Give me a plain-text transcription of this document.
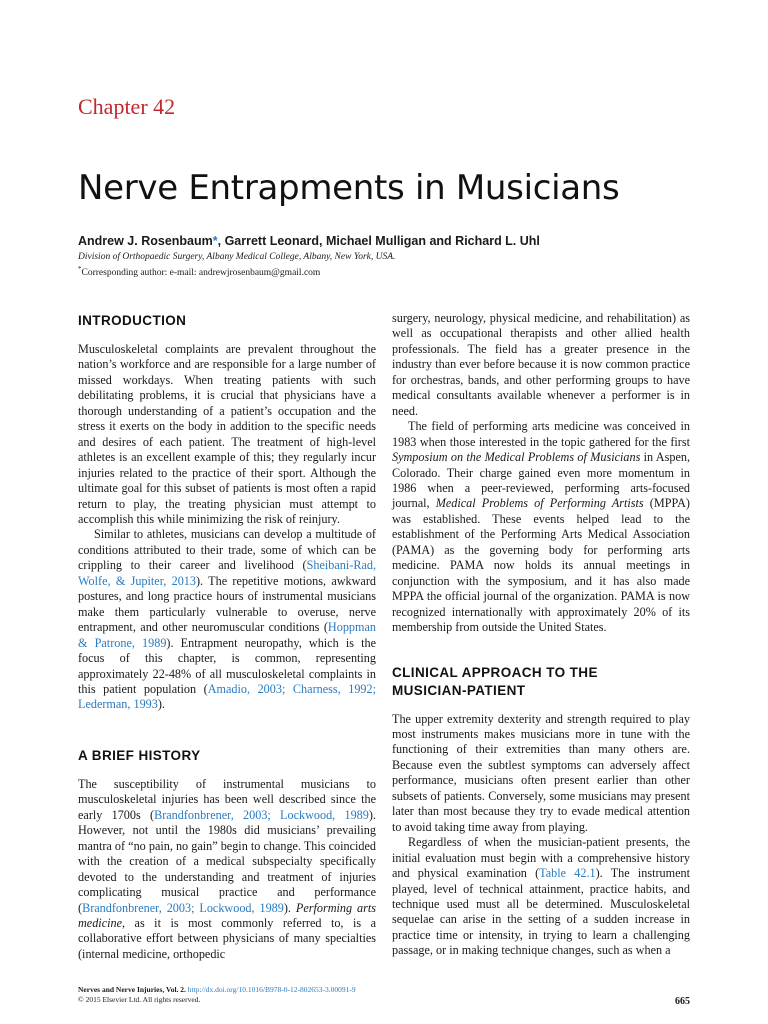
Chapter 42
Nerve Entrapments in Musicians
Andrew J. Rosenbaum*, Garrett Leonard, Michael Mulligan and Richard L. Uhl
Division of Orthopaedic Surgery, Albany Medical College, Albany, New York, USA.
*Corresponding author: e-mail: andrewjrosenbaum@gmail.com
INTRODUCTION

Musculoskeletal complaints are prevalent throughout the nation’s workforce and are responsible for a large number of missed workdays. When treating patients with such debilitating problems, it is crucial that physicians have a thorough understanding of a patient’s occupation and the stress it exerts on the body in addition to the specific needs and desires of each patient. The treatment of high-level athletes is an excellent example of this; they regularly incur injuries related to the practice of their sport. Although the ultimate goal for this subset of patients is most often a rapid return to play, the treating physician must attempt to accomplish this while minimizing the risk of reinjury.

Similar to athletes, musicians can develop a multitude of conditions attributed to their trade, some of which can be crippling to their career and livelihood (Sheibani-Rad, Wolfe, & Jupiter, 2013). The repetitive motions, awkward postures, and long practice hours of instrumental musicians make them particularly vulnerable to overuse, nerve entrapment, and other neuromuscular conditions (Hoppman & Patrone, 1989). Entrapment neuropathy, which is the focus of this chapter, is common, representing approximately 22-48% of all musculoskeletal complaints in this patient population (Amadio, 2003; Charness, 1992; Lederman, 1993).

A BRIEF HISTORY

The susceptibility of instrumental musicians to musculoskeletal injuries has been well described since the early 1700s (Brandfonbrener, 2003; Lockwood, 1989). However, not until the 1980s did musicians’ prevailing mantra of “no pain, no gain” begin to change. This coincided with the creation of a medical subspecialty specifically devoted to the understanding and treatment of injuries complicating musical practice and performance (Brandfonbrener, 2003; Lockwood, 1989). Performing arts medicine, as it is most commonly referred to, is a collaborative effort between physicians of many specialties (internal medicine, orthopedic

surgery, neurology, physical medicine, and rehabilitation) as well as occupational therapists and other allied health professionals. The field has a greater presence in the industry than ever before because it is now common practice for orchestras, bands, and other performing groups to have medical consultants available whenever a performer is in need.

The field of performing arts medicine was conceived in 1983 when those interested in the topic gathered for the first Symposium on the Medical Problems of Musicians in Aspen, Colorado. Their charge gained even more momentum in 1986 when a peer-reviewed, performing arts-focused journal, Medical Problems of Performing Artists (MPPA) was established. These events helped lead to the establishment of the Performing Arts Medical Association (PAMA) as the governing body for performing arts medicine. PAMA now holds its annual meetings in conjunction with the symposium, and it has also made MPPA the official journal of the organization. PAMA is now recognized internationally with approximately 20% of its membership from outside the United States.

CLINICAL APPROACH TO THE
MUSICIAN-PATIENT

The upper extremity dexterity and strength required to play most instruments makes musicians more in tune with the functioning of their extremities than many others are. Because even the subtlest symptoms can adversely affect performance, musicians often present earlier than other subsets of patients. Conversely, some musicians may present later than most because they try to evade medical attention to avoid taking time away from playing.

Regardless of when the musician-patient presents, the initial evaluation must begin with a comprehensive history and physical examination (Table 42.1). The instrument played, level of technical attainment, practice habits, and technique used must all be determined. Musculoskeletal sequelae can arise in the setting of a sudden increase in practice time or intensity, in trying to learn a challenging passage, or in making technique changes, such as when a

Nerves and Nerve Injuries, Vol. 2. http://dx.doi.org/10.1016/B978-0-12-802653-3.00091-9
© 2015 Elsevier Ltd. All rights reserved.	665
